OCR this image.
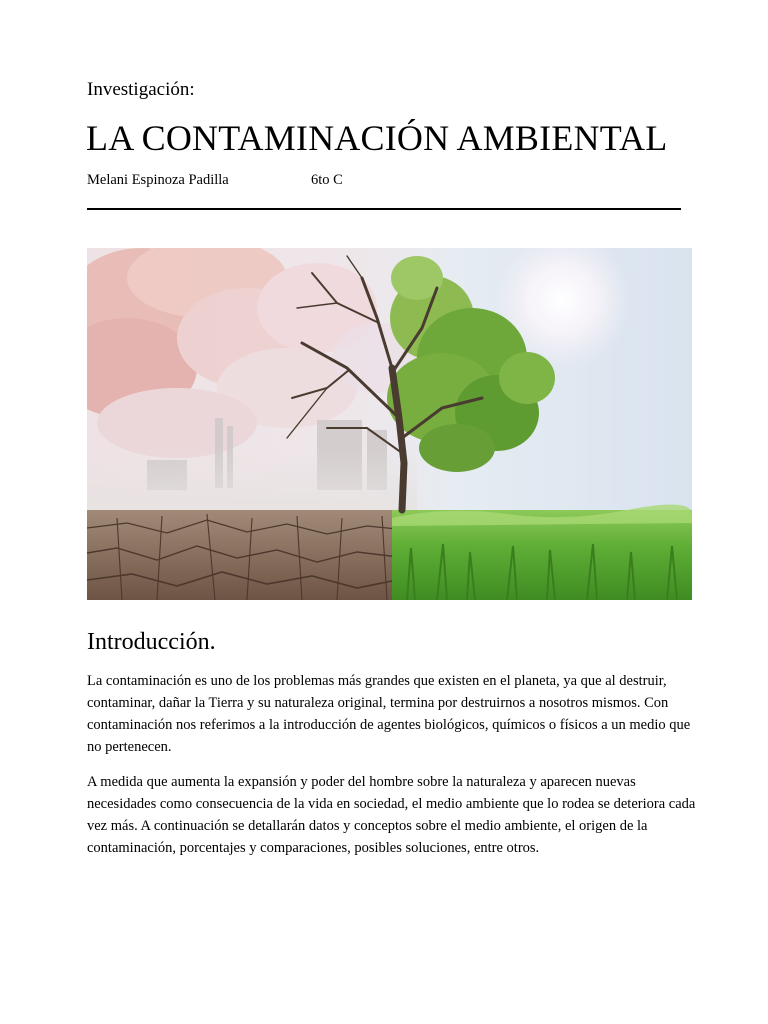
Investigación:
LA CONTAMINACIÓN AMBIENTAL
Melani Espinoza Padilla	6to C
Introducción.

La contaminación es uno de los problemas más grandes que existen en el planeta, ya que al destruir, contaminar, dañar la Tierra y su naturaleza original, termina por destruirnos a nosotros mismos. Con contaminación nos referimos a la introducción de agentes biológicos, químicos o físicos a un medio que no pertenecen.

A medida que aumenta la expansión y poder del hombre sobre la naturaleza y aparecen nuevas necesidades como consecuencia de la vida en sociedad, el medio ambiente que lo rodea se deteriora cada vez más. A continuación se detallarán datos y conceptos sobre el medio ambiente, el origen de la contaminación, porcentajes y comparaciones, posibles soluciones, entre otros.
